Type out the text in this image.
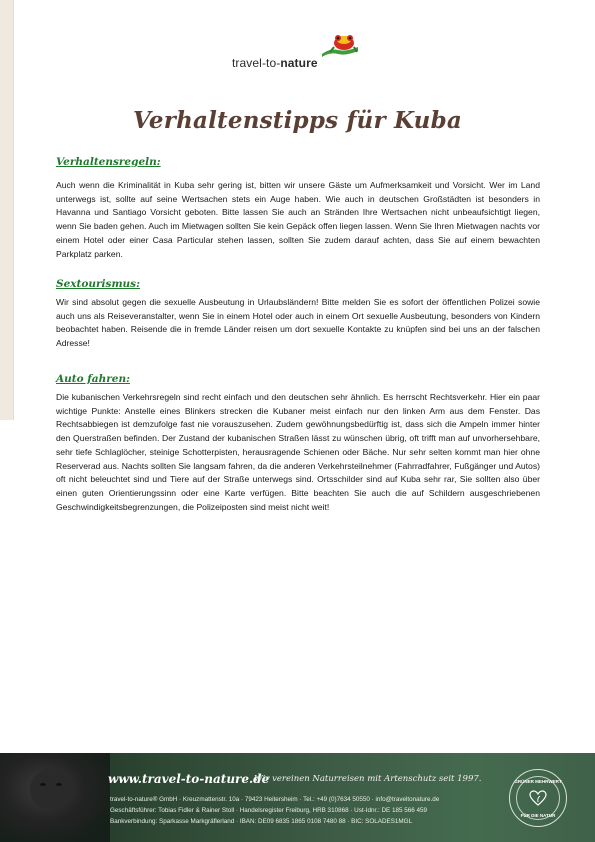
travel-to-nature
Verhaltenstipps für Kuba
Verhaltensregeln:
Auch wenn die Kriminalität in Kuba sehr gering ist, bitten wir unsere Gäste um Aufmerksamkeit und Vorsicht. Wer im Land unterwegs ist, sollte auf seine Wertsachen stets ein Auge haben. Wie auch in deutschen Großstädten ist besonders in Havanna und Santiago Vorsicht geboten. Bitte lassen Sie auch an Stränden Ihre Wertsachen nicht unbeaufsichtigt liegen, wenn Sie baden gehen. Auch im Mietwagen sollten Sie kein Gepäck offen liegen lassen. Wenn Sie Ihren Mietwagen nachts vor einem Hotel oder einer Casa Particular stehen lassen, sollten Sie zudem darauf achten, dass Sie auf einem bewachten Parkplatz parken.
Sextourismus:
Wir sind absolut gegen die sexuelle Ausbeutung in Urlaubsländern! Bitte melden Sie es sofort der öffentlichen Polizei sowie auch uns als Reiseveranstalter, wenn Sie in einem Hotel oder auch in einem Ort sexuelle Ausbeutung, besonders von Kindern beobachtet haben. Reisende die in fremde Länder reisen um dort sexuelle Kontakte zu knüpfen sind bei uns an der falschen Adresse!
Auto fahren:
Die kubanischen Verkehrsregeln sind recht einfach und den deutschen sehr ähnlich. Es herrscht Rechtsverkehr. Hier ein paar wichtige Punkte: Anstelle eines Blinkers strecken die Kubaner meist einfach nur den linken Arm aus dem Fenster. Das Rechtsabbiegen ist demzufolge fast nie vorauszusehen. Zudem gewöhnungsbedürftig ist, dass sich die Ampeln immer hinter den Querstraßen befinden. Der Zustand der kubanischen Straßen lässt zu wünschen übrig, oft trifft man auf unvorhersehbare, sehr tiefe Schlaglöcher, steinige Schotterpisten, herausragende Schienen oder Bäche. Nur sehr selten kommt man hier ohne Reserverad aus. Nachts sollten Sie langsam fahren, da die anderen Verkehrsteilnehmer (Fahrradfahrer, Fußgänger und Autos) oft nicht beleuchtet sind und Tiere auf der Straße unterwegs sind. Ortsschilder sind auf Kuba sehr rar, Sie sollten also über einen guten Orientierungssinn oder eine Karte verfügen. Bitte beachten Sie auch die auf Schildern ausgeschriebenen Geschwindigkeitsbegrenzungen, die Polizeiposten sind meist nicht weit!
www.travel-to-nature.de
Wir vereinen Naturreisen mit Artenschutz seit 1997.
travel-to-nature® GmbH · Kreuzmattenstr. 10a · 79423 Heitersheim · Tel.: +49 (0)7634 50550 · info@traveltonature.de
Geschäftsführer: Tobias Fidler & Rainer Stoll · Handelsregister Freiburg, HRB 310868 · Ust-Idnr.: DE 185 566 459
Bankverbindung: Sparkasse Markgräflerland · IBAN: DE09 6835 1865 0108 7480 88 · BIC: SOLADES1MGL
GRÜNER MEHRWERT
FÜR DIE NATUR
